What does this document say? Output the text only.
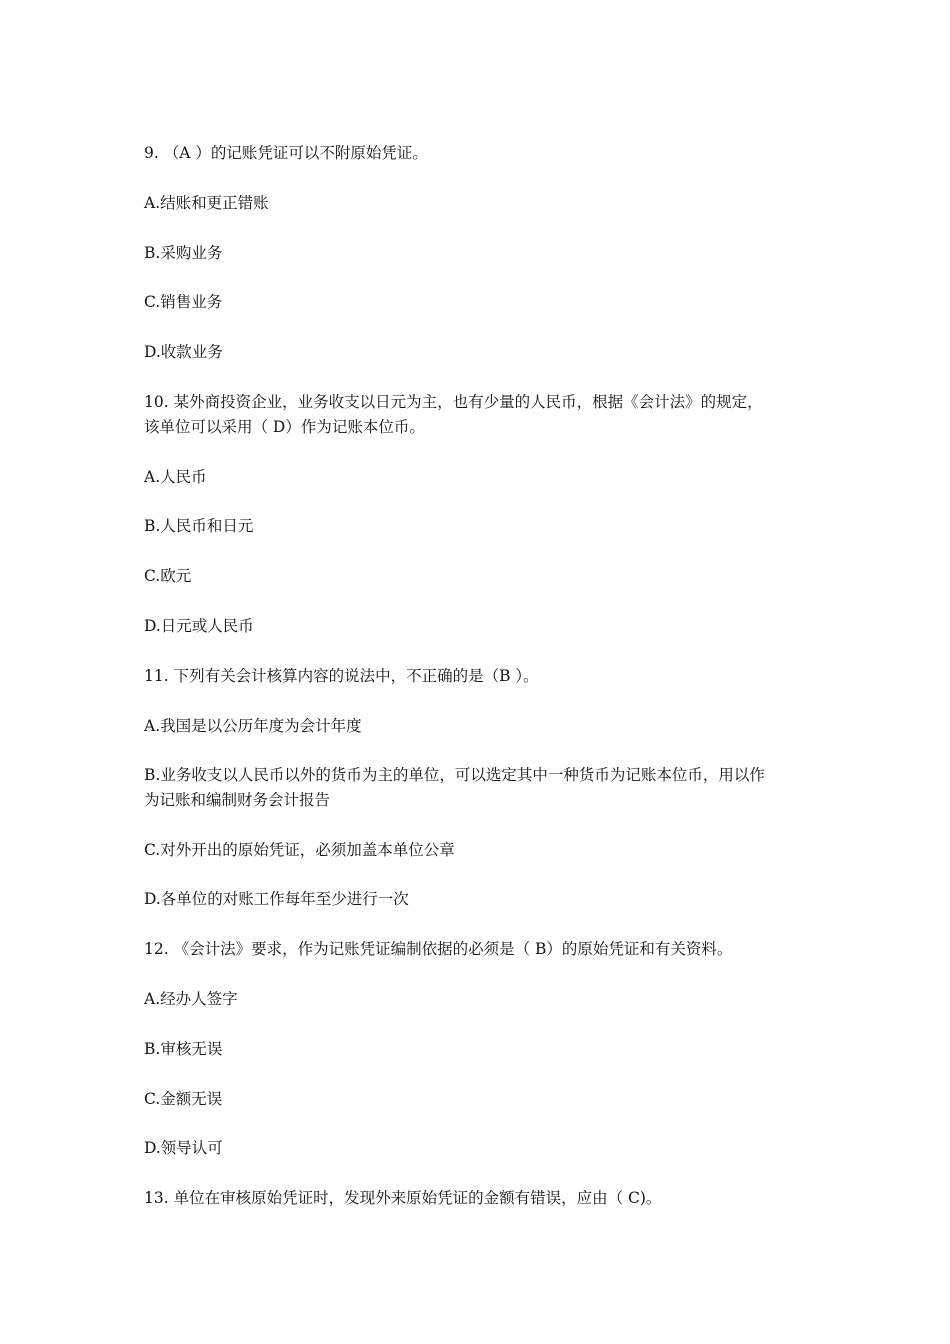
9. （A ）的记账凭证可以不附原始凭证。
A.结账和更正错账
B.采购业务
C.销售业务
D.收款业务
10. 某外商投资企业，业务收支以日元为主，也有少量的人民币，根据《会计法》的规定，
该单位可以采用（ D）作为记账本位币。
A.人民币
B.人民币和日元
C.欧元
D.日元或人民币
11. 下列有关会计核算内容的说法中，不正确的是（B ）。
A.我国是以公历年度为会计年度
B.业务收支以人民币以外的货币为主的单位，可以选定其中一种货币为记账本位币，用以作
为记账和编制财务会计报告
C.对外开出的原始凭证，必须加盖本单位公章
D.各单位的对账工作每年至少进行一次
12. 《会计法》要求，作为记账凭证编制依据的必须是（ B）的原始凭证和有关资料。
A.经办人签字
B.审核无误
C.金额无误
D.领导认可
13. 单位在审核原始凭证时，发现外来原始凭证的金额有错误，应由（ C)。
